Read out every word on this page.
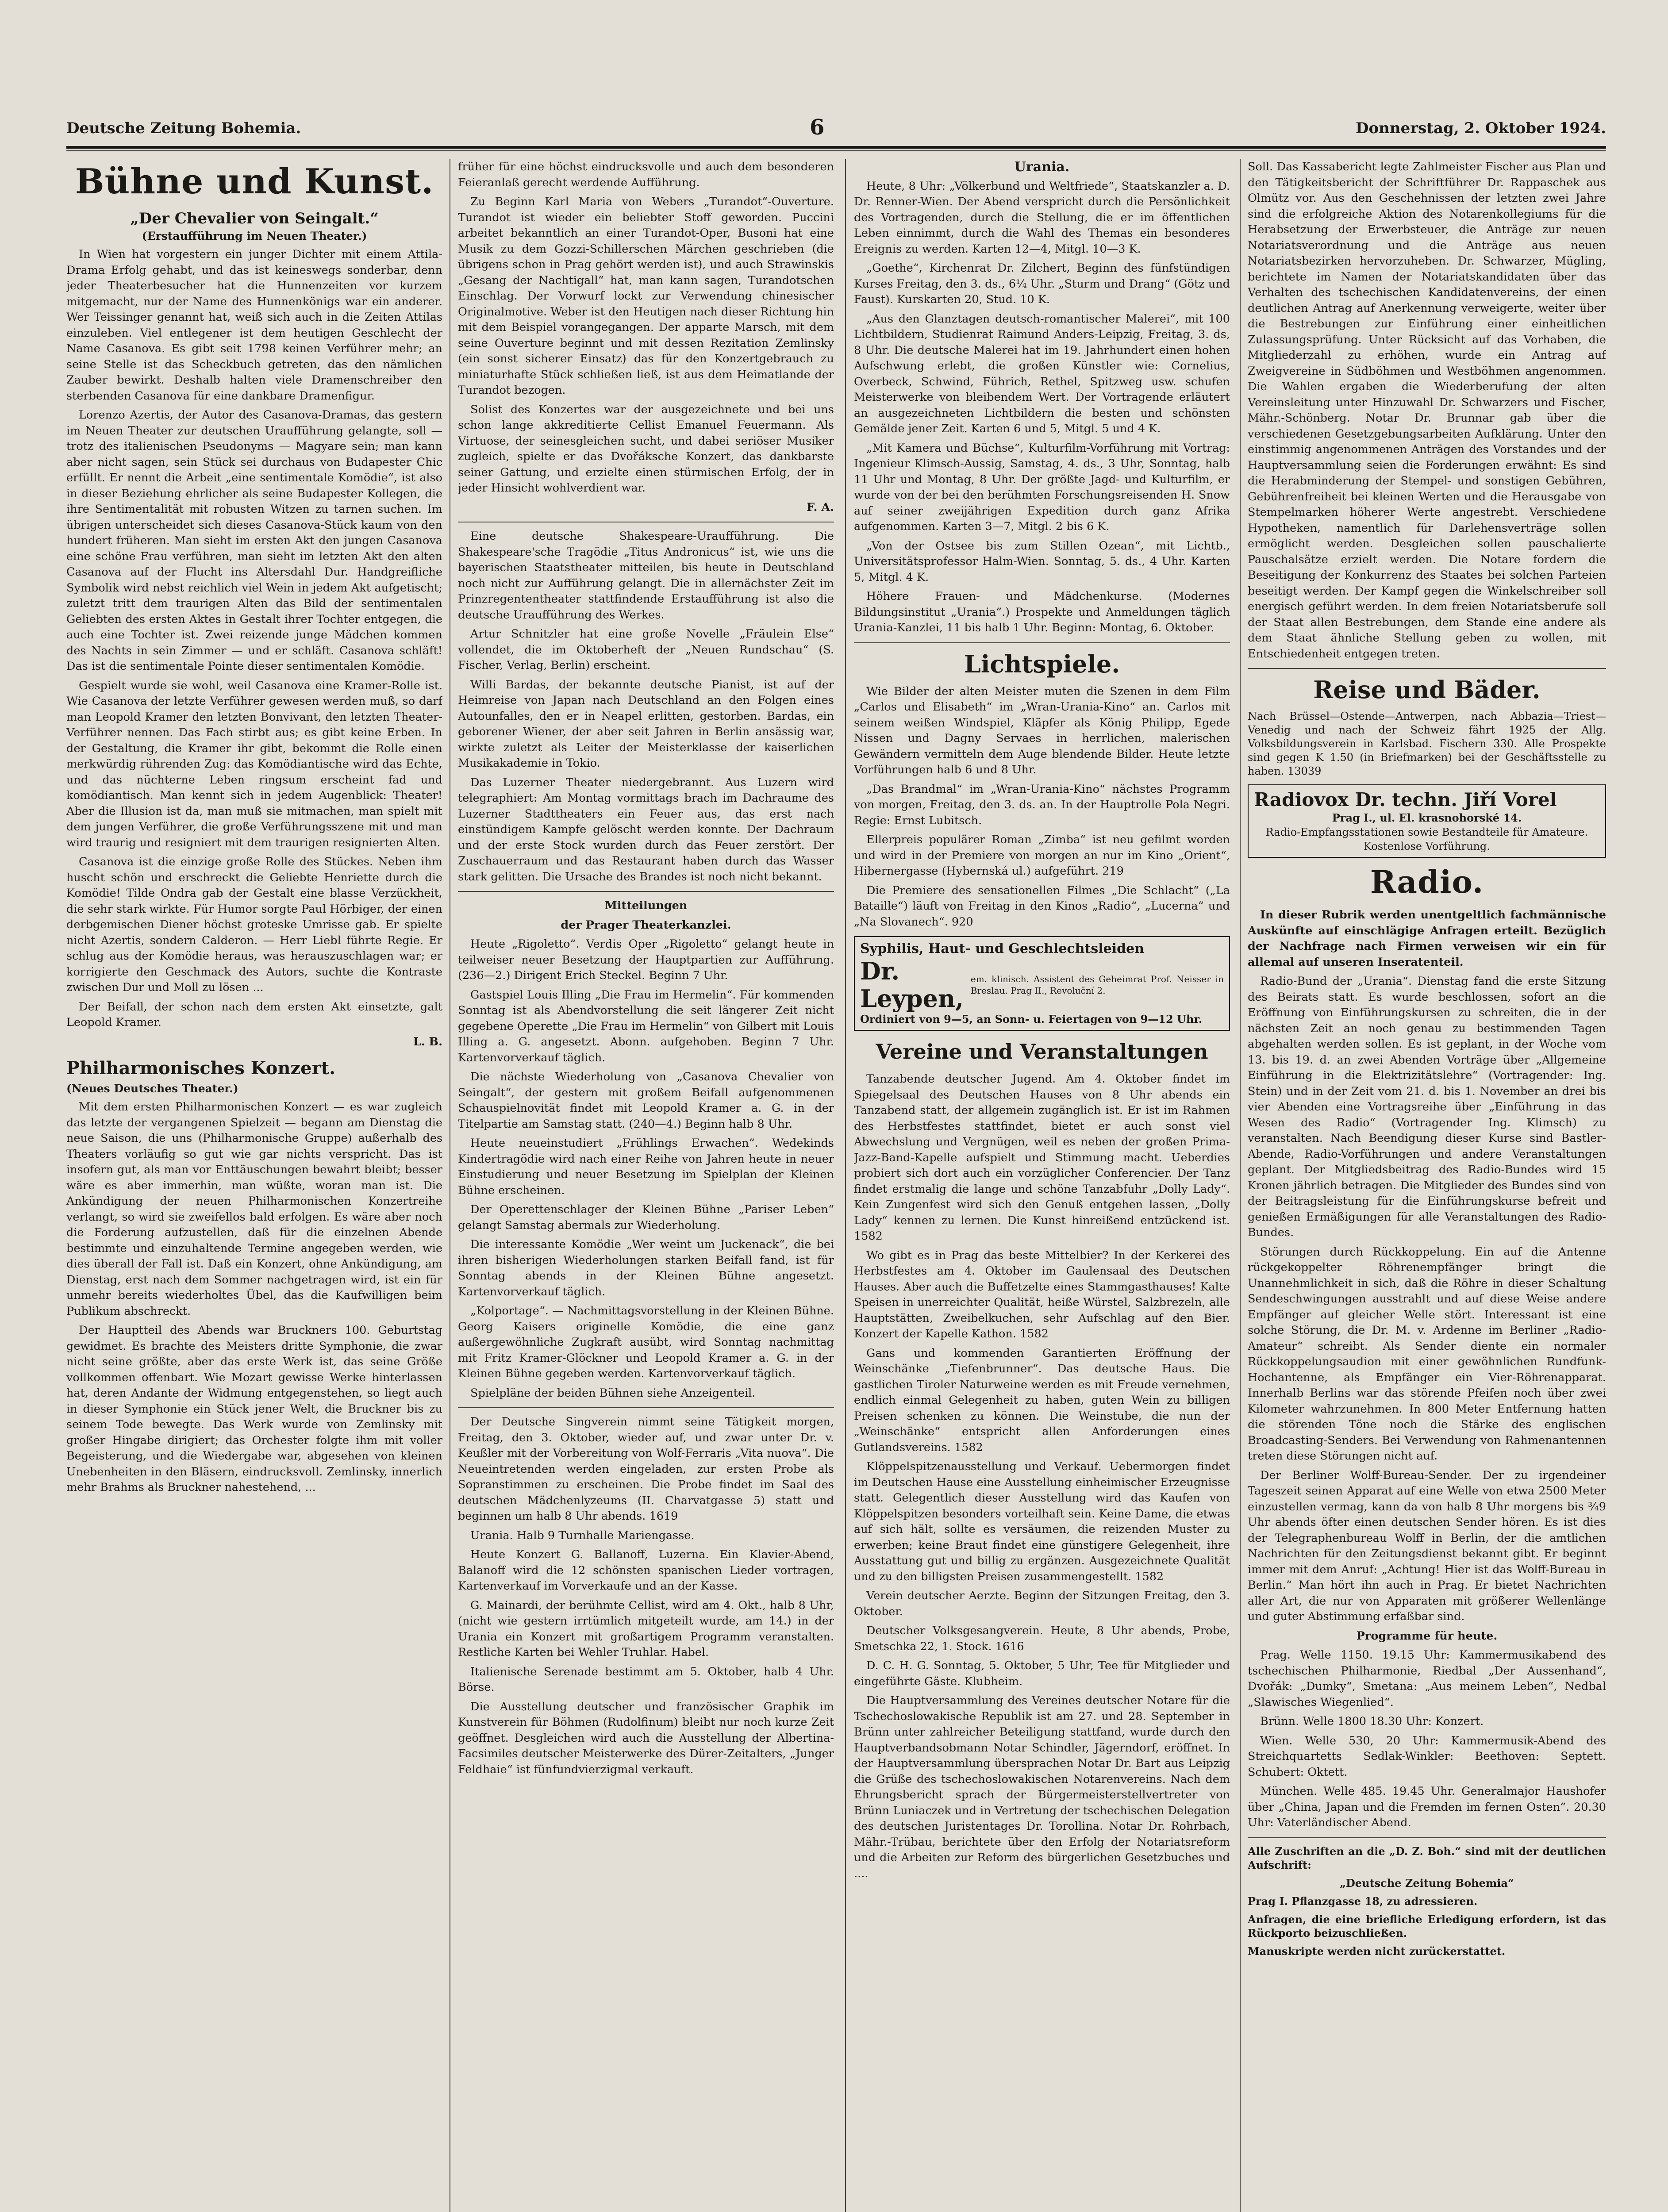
Deutsche Zeitung Bohemia.	6	Donnerstag, 2. Oktober 1924.
Bühne und Kunst.
„Der Chevalier von Seingalt.“
(Erstaufführung im Neuen Theater.)

In Wien hat vorgestern ein junger Dichter mit einem Attila-Drama Erfolg gehabt, und das ist keineswegs sonderbar, denn jeder Theaterbesucher hat die Hunnenzeiten vor kurzem mitgemacht, nur der Name des Hunnenkönigs war ein anderer. Wer Teissinger genannt hat, weiß sich auch in die Zeiten Attilas einzuleben. Viel entlegener ist dem heutigen Geschlecht der Name Casanova. Es gibt seit 1798 keinen Verführer mehr; an seine Stelle ist das Scheckbuch getreten, das den nämlichen Zauber bewirkt. Deshalb halten viele Dramenschreiber den sterbenden Casanova für eine dankbare Dramenfigur.

Lorenzo Azertis, der Autor des Casanova-Dramas, das gestern im Neuen Theater zur deutschen Uraufführung gelangte, soll — trotz des italienischen Pseudonyms — Magyare sein; man kann aber nicht sagen, sein Stück sei durchaus von Budapester Chic erfüllt. Er nennt die Arbeit „eine sentimentale Komödie“, ist also in dieser Beziehung ehrlicher als seine Budapester Kollegen, die ihre Sentimentalität mit robusten Witzen zu tarnen suchen. Im übrigen unterscheidet sich dieses Casanova-Stück kaum von den hundert früheren. Man sieht im ersten Akt den jungen Casanova eine schöne Frau verführen, man sieht im letzten Akt den alten Casanova auf der Flucht ins Altersdahl Dur. Handgreifliche Symbolik wird nebst reichlich viel Wein in jedem Akt aufgetischt; zuletzt tritt dem traurigen Alten das Bild der sentimentalen Geliebten des ersten Aktes in Gestalt ihrer Tochter entgegen, die auch eine Tochter ist. Zwei reizende junge Mädchen kommen des Nachts in sein Zimmer — und er schläft. Casanova schläft! Das ist die sentimentale Pointe dieser sentimentalen Komödie.

Gespielt wurde sie wohl, weil Casanova eine Kramer-Rolle ist. Wie Casanova der letzte Verführer gewesen werden muß, so darf man Leopold Kramer den letzten Bonvivant, den letzten Theater-Verführer nennen. Das Fach stirbt aus; es gibt keine Erben. In der Gestaltung, die Kramer ihr gibt, bekommt die Rolle einen merkwürdig rührenden Zug: das Komödiantische wird das Echte, und das nüchterne Leben ringsum erscheint fad und komödiantisch. Man kennt sich in jedem Augenblick: Theater! Aber die Illusion ist da, man muß sie mitmachen, man spielt mit dem jungen Verführer, die große Verführungsszene mit und man wird traurig und resigniert mit dem traurigen resignierten Alten.

Casanova ist die einzige große Rolle des Stückes. Neben ihm huscht schön und erschreckt die Geliebte Henriette durch die Komödie! Tilde Ondra gab der Gestalt eine blasse Verzückheit, die sehr stark wirkte. Für Humor sorgte Paul Hörbiger, der einen derbgemischen Diener höchst groteske Umrisse gab. Er spielte nicht Azertis, sondern Calderon. — Herr Liebl führte Regie. Er schlug aus der Komödie heraus, was herauszuschlagen war; er korrigierte den Geschmack des Autors, suchte die Kontraste zwischen Dur und Moll zu lösen ...

Der Beifall, der schon nach dem ersten Akt einsetzte, galt Leopold Kramer.

L. B.

Philharmonisches Konzert.
(Neues Deutsches Theater.)

Mit dem ersten Philharmonischen Konzert — es war zugleich das letzte der vergangenen Spielzeit — begann am Dienstag die neue Saison, die uns (Philharmonische Gruppe) außerhalb des Theaters vorläufig so gut wie gar nichts verspricht. Das ist insofern gut, als man vor Enttäuschungen bewahrt bleibt; besser wäre es aber immerhin, man wüßte, woran man ist. Die Ankündigung der neuen Philharmonischen Konzertreihe verlangt, so wird sie zweifellos bald erfolgen. Es wäre aber noch die Forderung aufzustellen, daß für die einzelnen Abende bestimmte und einzuhaltende Termine angegeben werden, wie dies überall der Fall ist. Daß ein Konzert, ohne Ankündigung, am Dienstag, erst nach dem Sommer nachgetragen wird, ist ein für unmehr bereits wiederholtes Übel, das die Kaufwilligen beim Publikum abschreckt.

Der Hauptteil des Abends war Bruckners 100. Geburtstag gewidmet. Es brachte des Meisters dritte Symphonie, die zwar nicht seine größte, aber das erste Werk ist, das seine Größe vollkommen offenbart. Wie Mozart gewisse Werke hinterlassen hat, deren Andante der Widmung entgegenstehen, so liegt auch in dieser Symphonie ein Stück jener Welt, die Bruckner bis zu seinem Tode bewegte. Das Werk wurde von Zemlinsky mit großer Hingabe dirigiert; das Orchester folgte ihm mit voller Begeisterung, und die Wiedergabe war, abgesehen von kleinen Unebenheiten in den Bläsern, eindrucksvoll. Zemlinsky, innerlich mehr Brahms als Bruckner nahestehend, ...

früher für eine höchst eindrucksvolle und auch dem besonderen Feieranlaß gerecht werdende Aufführung.

Zu Beginn Karl Maria von Webers „Turandot“-Ouverture. Turandot ist wieder ein beliebter Stoff geworden. Puccini arbeitet bekanntlich an einer Turandot-Oper, Busoni hat eine Musik zu dem Gozzi-Schillerschen Märchen geschrieben (die übrigens schon in Prag gehört werden ist), und auch Strawinskis „Gesang der Nachtigall“ hat, man kann sagen, Turandotschen Einschlag. Der Vorwurf lockt zur Verwendung chinesischer Originalmotive. Weber ist den Heutigen nach dieser Richtung hin mit dem Beispiel vorangegangen. Der apparte Marsch, mit dem seine Ouverture beginnt und mit dessen Rezitation Zemlinsky (ein sonst sicherer Einsatz) das für den Konzertgebrauch zu miniaturhafte Stück schließen ließ, ist aus dem Heimatlande der Turandot bezogen.

Solist des Konzertes war der ausgezeichnete und bei uns schon lange akkreditierte Cellist Emanuel Feuermann. Als Virtuose, der seinesgleichen sucht, und dabei seriöser Musiker zugleich, spielte er das Dvořáksche Konzert, das dankbarste seiner Gattung, und erzielte einen stürmischen Erfolg, der in jeder Hinsicht wohlverdient war.

F. A.

Eine deutsche Shakespeare-Uraufführung. Die Shakespeare'sche Tragödie „Titus Andronicus“ ist, wie uns die bayerischen Staatstheater mitteilen, bis heute in Deutschland noch nicht zur Aufführung gelangt. Die in allernächster Zeit im Prinzregententheater stattfindende Erstaufführung ist also die deutsche Uraufführung des Werkes.

Artur Schnitzler hat eine große Novelle „Fräulein Else“ vollendet, die im Oktoberheft der „Neuen Rundschau“ (S. Fischer, Verlag, Berlin) erscheint.

Willi Bardas, der bekannte deutsche Pianist, ist auf der Heimreise von Japan nach Deutschland an den Folgen eines Autounfalles, den er in Neapel erlitten, gestorben. Bardas, ein geborener Wiener, der aber seit Jahren in Berlin ansässig war, wirkte zuletzt als Leiter der Meisterklasse der kaiserlichen Musikakademie in Tokio.

Das Luzerner Theater niedergebrannt. Aus Luzern wird telegraphiert: Am Montag vormittags brach im Dachraume des Luzerner Stadttheaters ein Feuer aus, das erst nach einstündigem Kampfe gelöscht werden konnte. Der Dachraum und der erste Stock wurden durch das Feuer zerstört. Der Zuschauerraum und das Restaurant haben durch das Wasser stark gelitten. Die Ursache des Brandes ist noch nicht bekannt.

Mitteilungen

der Prager Theaterkanzlei.

Heute „Rigoletto“. Verdis Oper „Rigoletto“ gelangt heute in teilweiser neuer Besetzung der Hauptpartien zur Aufführung. (236—2.) Dirigent Erich Steckel. Beginn 7 Uhr.

Gastspiel Louis Illing „Die Frau im Hermelin“. Für kommenden Sonntag ist als Abendvorstellung die seit längerer Zeit nicht gegebene Operette „Die Frau im Hermelin“ von Gilbert mit Louis Illing a. G. angesetzt. Abonn. aufgehoben. Beginn 7 Uhr. Kartenvorverkauf täglich.

Die nächste Wiederholung von „Casanova Chevalier von Seingalt“, der gestern mit großem Beifall aufgenommenen Schauspielnovität findet mit Leopold Kramer a. G. in der Titelpartie am Samstag statt. (240—4.) Beginn halb 8 Uhr.

Heute neueinstudiert „Frühlings Erwachen“. Wedekinds Kindertragödie wird nach einer Reihe von Jahren heute in neuer Einstudierung und neuer Besetzung im Spielplan der Kleinen Bühne erscheinen.

Der Operettenschlager der Kleinen Bühne „Pariser Leben“ gelangt Samstag abermals zur Wiederholung.

Die interessante Komödie „Wer weint um Juckenack“, die bei ihren bisherigen Wiederholungen starken Beifall fand, ist für Sonntag abends in der Kleinen Bühne angesetzt. Kartenvorverkauf täglich.

„Kolportage“. — Nachmittagsvorstellung in der Kleinen Bühne. Georg Kaisers originelle Komödie, die eine ganz außergewöhnliche Zugkraft ausübt, wird Sonntag nachmittag mit Fritz Kramer-Glöckner und Leopold Kramer a. G. in der Kleinen Bühne gegeben werden. Kartenvorverkauf täglich.

Spielpläne der beiden Bühnen siehe Anzeigenteil.

Der Deutsche Singverein nimmt seine Tätigkeit morgen, Freitag, den 3. Oktober, wieder auf, und zwar unter Dr. v. Keußler mit der Vorbereitung von Wolf-Ferraris „Vita nuova“. Die Neueintretenden werden eingeladen, zur ersten Probe als Sopranstimmen zu erscheinen. Die Probe findet im Saal des deutschen Mädchenlyzeums (II. Charvatgasse 5) statt und beginnen um halb 8 Uhr abends. 1619

Urania. Halb 9 Turnhalle Mariengasse.

Heute Konzert G. Ballanoff, Luzerna. Ein Klavier-Abend, Balanoff wird die 12 schönsten spanischen Lieder vortragen, Kartenverkauf im Vorverkaufe und an der Kasse.

G. Mainardi, der berühmte Cellist, wird am 4. Okt., halb 8 Uhr, (nicht wie gestern irrtümlich mitgeteilt wurde, am 14.) in der Urania ein Konzert mit großartigem Programm veranstalten. Restliche Karten bei Wehler Truhlar. Habel.

Italienische Serenade bestimmt am 5. Oktober, halb 4 Uhr. Börse.

Die Ausstellung deutscher und französischer Graphik im Kunstverein für Böhmen (Rudolfinum) bleibt nur noch kurze Zeit geöffnet. Desgleichen wird auch die Ausstellung der Albertina-Facsimiles deutscher Meisterwerke des Dürer-Zeitalters, „Junger Feldhaie“ ist fünfundvierzigmal verkauft.

Urania.

Heute, 8 Uhr: „Völkerbund und Weltfriede“, Staatskanzler a. D. Dr. Renner-Wien. Der Abend verspricht durch die Persönlichkeit des Vortragenden, durch die Stellung, die er im öffentlichen Leben einnimmt, durch die Wahl des Themas ein besonderes Ereignis zu werden. Karten 12—4, Mitgl. 10—3 K.

„Goethe“, Kirchenrat Dr. Zilchert, Beginn des fünfstündigen Kurses Freitag, den 3. ds., 6¼ Uhr. „Sturm und Drang“ (Götz und Faust). Kurskarten 20, Stud. 10 K.

„Aus den Glanztagen deutsch-romantischer Malerei“, mit 100 Lichtbildern, Studienrat Raimund Anders-Leipzig, Freitag, 3. ds, 8 Uhr. Die deutsche Malerei hat im 19. Jahrhundert einen hohen Aufschwung erlebt, die großen Künstler wie: Cornelius, Overbeck, Schwind, Führich, Rethel, Spitzweg usw. schufen Meisterwerke von bleibendem Wert. Der Vortragende erläutert an ausgezeichneten Lichtbildern die besten und schönsten Gemälde jener Zeit. Karten 6 und 5, Mitgl. 5 und 4 K.

„Mit Kamera und Büchse“, Kulturfilm-Vorführung mit Vortrag: Ingenieur Klimsch-Aussig, Samstag, 4. ds., 3 Uhr, Sonntag, halb 11 Uhr und Montag, 8 Uhr. Der größte Jagd- und Kulturfilm, er wurde von der bei den berühmten Forschungsreisenden H. Snow auf seiner zweijährigen Expedition durch ganz Afrika aufgenommen. Karten 3—7, Mitgl. 2 bis 6 K.

„Von der Ostsee bis zum Stillen Ozean“, mit Lichtb., Universitätsprofessor Halm-Wien. Sonntag, 5. ds., 4 Uhr. Karten 5, Mitgl. 4 K.

Höhere Frauen- und Mädchenkurse. (Modernes Bildungsinstitut „Urania“.) Prospekte und Anmeldungen täglich Urania-Kanzlei, 11 bis halb 1 Uhr. Beginn: Montag, 6. Oktober.

Lichtspiele.

Wie Bilder der alten Meister muten die Szenen in dem Film „Carlos und Elisabeth“ im „Wran-Urania-Kino“ an. Carlos mit seinem weißen Windspiel, Kläpfer als König Philipp, Egede Nissen und Dagny Servaes in herrlichen, malerischen Gewändern vermitteln dem Auge blendende Bilder. Heute letzte Vorführungen halb 6 und 8 Uhr.

„Das Brandmal“ im „Wran-Urania-Kino“ nächstes Programm von morgen, Freitag, den 3. ds. an. In der Hauptrolle Pola Negri. Regie: Ernst Lubitsch.

Ellerpreis populärer Roman „Zimba“ ist neu gefilmt worden und wird in der Premiere von morgen an nur im Kino „Orient“, Hibernergasse (Hybernská ul.) aufgeführt. 219

Die Premiere des sensationellen Filmes „Die Schlacht“ („La Bataille“) läuft von Freitag in den Kinos „Radio“, „Lucerna“ und „Na Slovanech“. 920

Syphilis, Haut- und Geschlechtsleiden
Dr. Leypen,
em. klinisch. Assistent des Geheimrat Prof. Neisser in Breslau. Prag II., Revoluční 2.
Ordiniert von 9—5, an Sonn- u. Feiertagen von 9—12 Uhr.
Vereine und Veranstaltungen

Tanzabende deutscher Jugend. Am 4. Oktober findet im Spiegelsaal des Deutschen Hauses von 8 Uhr abends ein Tanzabend statt, der allgemein zugänglich ist. Er ist im Rahmen des Herbstfestes stattfindet, bietet er auch sonst viel Abwechslung und Vergnügen, weil es neben der großen Prima-Jazz-Band-Kapelle aufspielt und Stimmung macht. Ueberdies probiert sich dort auch ein vorzüglicher Conferencier. Der Tanz findet erstmalig die lange und schöne Tanzabfuhr „Dolly Lady“. Kein Zungenfest wird sich den Genuß entgehen lassen, „Dolly Lady“ kennen zu lernen. Die Kunst hinreißend entzückend ist. 1582

Wo gibt es in Prag das beste Mittelbier? In der Kerkerei des Herbstfestes am 4. Oktober im Gaulensaal des Deutschen Hauses. Aber auch die Buffetzelte eines Stammgasthauses! Kalte Speisen in unerreichter Qualität, heiße Würstel, Salzbrezeln, alle Hauptstätten, Zweibelkuchen, sehr Aufschlag auf den Bier. Konzert der Kapelle Kathon. 1582

Gans und kommenden Garantierten Eröffnung der Weinschänke „Tiefenbrunner“. Das deutsche Haus. Die gastlichen Tiroler Naturweine werden es mit Freude vernehmen, endlich einmal Gelegenheit zu haben, guten Wein zu billigen Preisen schenken zu können. Die Weinstube, die nun der „Weinschänke“ entspricht allen Anforderungen eines Gutlandsvereins. 1582

Klöppelspitzenausstellung und Verkauf. Uebermorgen findet im Deutschen Hause eine Ausstellung einheimischer Erzeugnisse statt. Gelegentlich dieser Ausstellung wird das Kaufen von Klöppelspitzen besonders vorteilhaft sein. Keine Dame, die etwas auf sich hält, sollte es versäumen, die reizenden Muster zu erwerben; keine Braut findet eine günstigere Gelegenheit, ihre Ausstattung gut und billig zu ergänzen. Ausgezeichnete Qualität und zu den billigsten Preisen zusammengestellt. 1582

Verein deutscher Aerzte. Beginn der Sitzungen Freitag, den 3. Oktober.

Deutscher Volksgesangverein. Heute, 8 Uhr abends, Probe, Smetschka 22, 1. Stock. 1616

D. C. H. G. Sonntag, 5. Oktober, 5 Uhr, Tee für Mitglieder und eingeführte Gäste. Klubheim.

Die Hauptversammlung des Vereines deutscher Notare für die Tschechoslowakische Republik ist am 27. und 28. September in Brünn unter zahlreicher Beteiligung stattfand, wurde durch den Hauptverbandsobmann Notar Schindler, Jägerndorf, eröffnet. In der Hauptversammlung übersprachen Notar Dr. Bart aus Leipzig die Grüße des tschechoslowakischen Notarenvereins. Nach dem Ehrungsbericht sprach der Bürgermeisterstellvertreter von Brünn Luniaczek und in Vertretung der tschechischen Delegation des deutschen Juristentages Dr. Torollina. Notar Dr. Rohrbach, Mähr.-Trübau, berichtete über den Erfolg der Notariatsreform und die Arbeiten zur Reform des bürgerlichen Gesetzbuches und ....

Soll. Das Kassabericht legte Zahlmeister Fischer aus Plan und den Tätigkeitsbericht der Schriftführer Dr. Rappaschek aus Olmütz vor. Aus den Geschehnissen der letzten zwei Jahre sind die erfolgreiche Aktion des Notarenkollegiums für die Herabsetzung der Erwerbsteuer, die Anträge zur neuen Notariatsverordnung und die Anträge aus neuen Notariatsbezirken hervorzuheben. Dr. Schwarzer, Mügling, berichtete im Namen der Notariatskandidaten über das Verhalten des tschechischen Kandidatenvereins, der einen deutlichen Antrag auf Anerkennung verweigerte, weiter über die Bestrebungen zur Einführung einer einheitlichen Zulassungsprüfung. Unter Rücksicht auf das Vorhaben, die Mitgliederzahl zu erhöhen, wurde ein Antrag auf Zweigvereine in Südböhmen und Westböhmen angenommen. Die Wahlen ergaben die Wiederberufung der alten Vereinsleitung unter Hinzuwahl Dr. Schwarzers und Fischer, Mähr.-Schönberg. Notar Dr. Brunnar gab über die verschiedenen Gesetzgebungsarbeiten Aufklärung. Unter den einstimmig angenommenen Anträgen des Vorstandes und der Hauptversammlung seien die Forderungen erwähnt: Es sind die Herabminderung der Stempel- und sonstigen Gebühren, Gebührenfreiheit bei kleinen Werten und die Herausgabe von Stempelmarken höherer Werte angestrebt. Verschiedene Hypotheken, namentlich für Darlehensverträge sollen ermöglicht werden. Desgleichen sollen pauschalierte Pauschalsätze erzielt werden. Die Notare fordern die Beseitigung der Konkurrenz des Staates bei solchen Parteien beseitigt werden. Der Kampf gegen die Winkelschreiber soll energisch geführt werden. In dem freien Notariatsberufe soll der Staat allen Bestrebungen, dem Stande eine andere als dem Staat ähnliche Stellung geben zu wollen, mit Entschiedenheit entgegen treten.

Reise und Bäder.

Nach Brüssel—Ostende—Antwerpen, nach Abbazia—Triest—Venedig und nach der Schweiz fährt 1925 der Allg. Volksbildungsverein in Karlsbad. Fischern 330. Alle Prospekte sind gegen K 1.50 (in Briefmarken) bei der Geschäftsstelle zu haben. 13039

Radiovox Dr. techn. Jiří Vorel
Prag I., ul. El. krasnohorské 14.
Radio-Empfangsstationen sowie Bestandteile für Amateure. Kostenlose Vorführung.
Radio.

In dieser Rubrik werden unentgeltlich fachmännische Auskünfte auf einschlägige Anfragen erteilt. Bezüglich der Nachfrage nach Firmen verweisen wir ein für allemal auf unseren Inseratenteil.

Radio-Bund der „Urania“. Dienstag fand die erste Sitzung des Beirats statt. Es wurde beschlossen, sofort an die Eröffnung von Einführungskursen zu schreiten, die in der nächsten Zeit an noch genau zu bestimmenden Tagen abgehalten werden sollen. Es ist geplant, in der Woche vom 13. bis 19. d. an zwei Abenden Vorträge über „Allgemeine Einführung in die Elektrizitätslehre“ (Vortragender: Ing. Stein) und in der Zeit vom 21. d. bis 1. November an drei bis vier Abenden eine Vortragsreihe über „Einführung in das Wesen des Radio“ (Vortragender Ing. Klimsch) zu veranstalten. Nach Beendigung dieser Kurse sind Bastler-Abende, Radio-Vorführungen und andere Veranstaltungen geplant. Der Mitgliedsbeitrag des Radio-Bundes wird 15 Kronen jährlich betragen. Die Mitglieder des Bundes sind von der Beitragsleistung für die Einführungskurse befreit und genießen Ermäßigungen für alle Veranstaltungen des Radio-Bundes.

Störungen durch Rückkoppelung. Ein auf die Antenne rückgekoppelter Röhrenempfänger bringt die Unannehmlichkeit in sich, daß die Röhre in dieser Schaltung Sendeschwingungen ausstrahlt und auf diese Weise andere Empfänger auf gleicher Welle stört. Interessant ist eine solche Störung, die Dr. M. v. Ardenne im Berliner „Radio-Amateur“ schreibt. Als Sender diente ein normaler Rückkoppelungsaudion mit einer gewöhnlichen Rundfunk-Hochantenne, als Empfänger ein Vier-Röhrenapparat. Innerhalb Berlins war das störende Pfeifen noch über zwei Kilometer wahrzunehmen. In 800 Meter Entfernung hatten die störenden Töne noch die Stärke des englischen Broadcasting-Senders. Bei Verwendung von Rahmenantennen treten diese Störungen nicht auf.

Der Berliner Wolff-Bureau-Sender. Der zu irgendeiner Tageszeit seinen Apparat auf eine Welle von etwa 2500 Meter einzustellen vermag, kann da von halb 8 Uhr morgens bis ¾9 Uhr abends öfter einen deutschen Sender hören. Es ist dies der Telegraphenbureau Wolff in Berlin, der die amtlichen Nachrichten für den Zeitungsdienst bekannt gibt. Er beginnt immer mit dem Anruf: „Achtung! Hier ist das Wolff-Bureau in Berlin.“ Man hört ihn auch in Prag. Er bietet Nachrichten aller Art, die nur von Apparaten mit größerer Wellenlänge und guter Abstimmung erfaßbar sind.

Programme für heute.

Prag. Welle 1150. 19.15 Uhr: Kammermusikabend des tschechischen Philharmonie, Riedbal „Der Aussenhand“, Dvořák: „Dumky“, Smetana: „Aus meinem Leben“, Nedbal „Slawisches Wiegenlied“.

Brünn. Welle 1800 18.30 Uhr: Konzert.

Wien. Welle 530, 20 Uhr: Kammermusik-Abend des Streichquartetts Sedlak-Winkler: Beethoven: Septett. Schubert: Oktett.

München. Welle 485. 19.45 Uhr. Generalmajor Haushofer über „China, Japan und die Fremden im fernen Osten“. 20.30 Uhr: Vaterländischer Abend.

Alle Zuschriften an die „D. Z. Boh.“ sind mit der deutlichen Aufschrift:

„Deutsche Zeitung Bohemia“

Prag I. Pflanzgasse 18, zu adressieren.

Anfragen, die eine briefliche Erledigung erfordern, ist das Rückporto beizuschließen.

Manuskripte werden nicht zurückerstattet.
